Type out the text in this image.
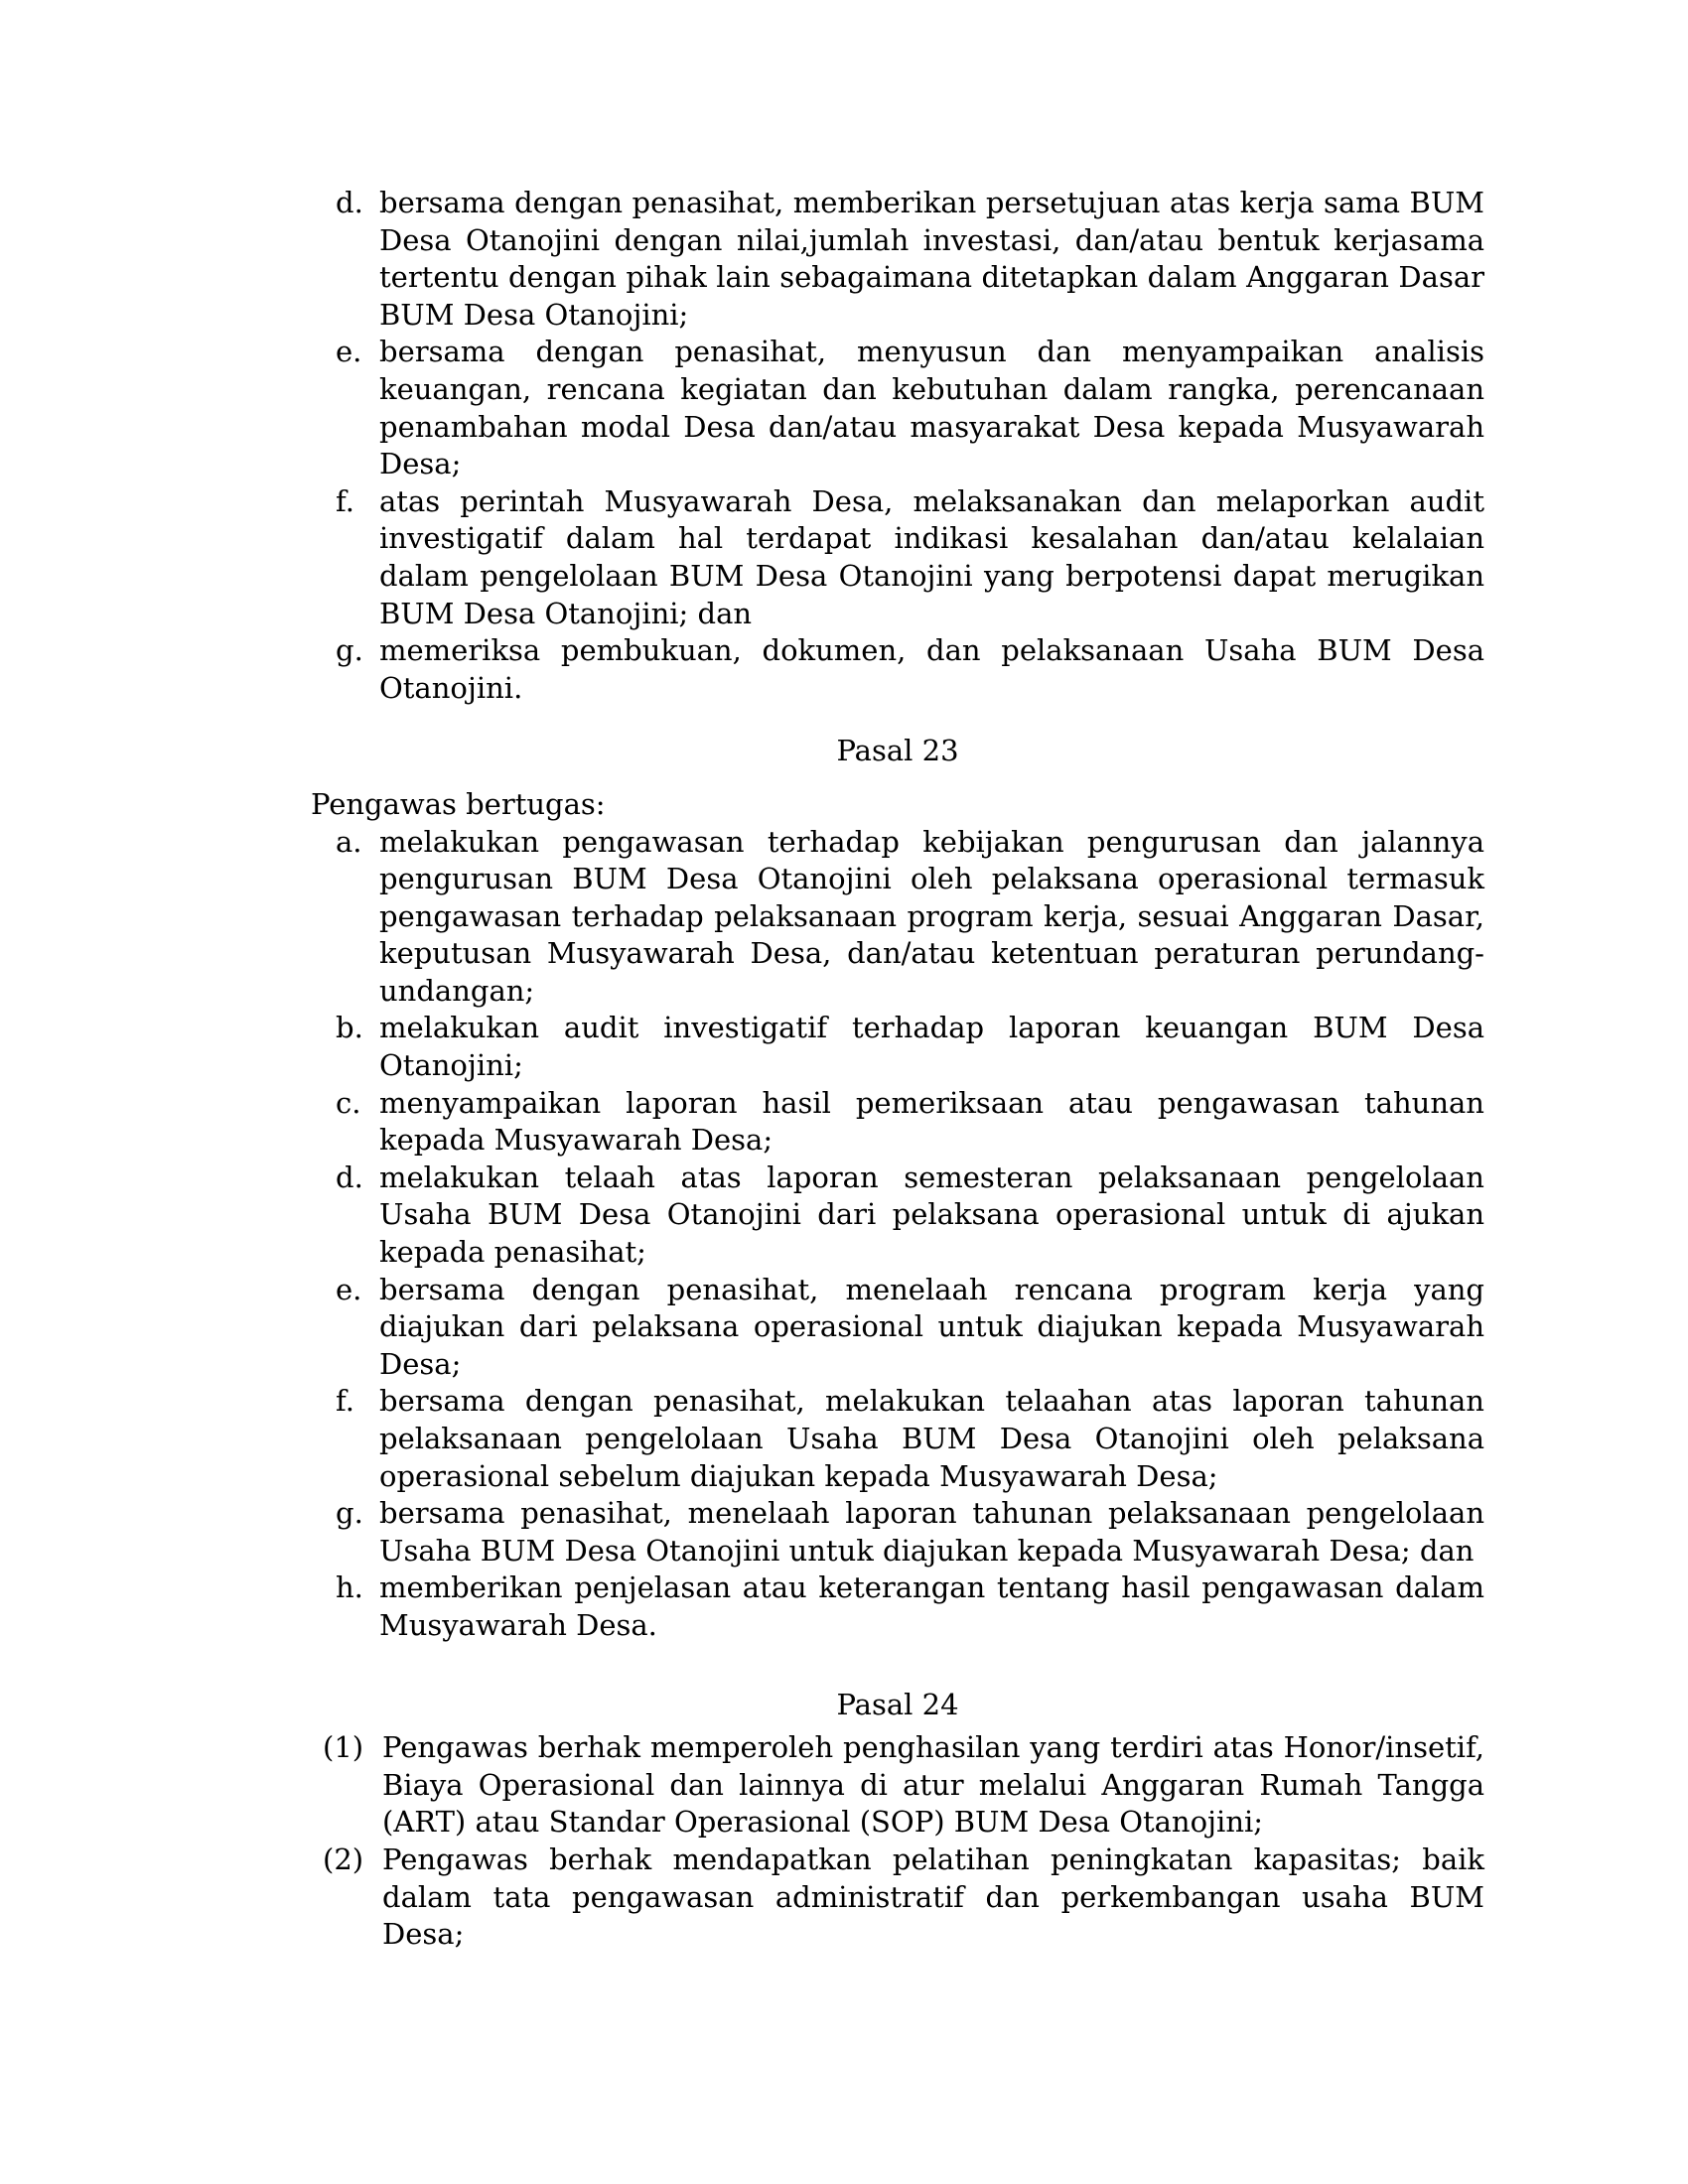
d. bersama dengan penasihat, memberikan persetujuan atas kerja sama BUM Desa Otanojini dengan nilai,jumlah investasi, dan/atau bentuk kerjasama tertentu dengan pihak lain sebagaimana ditetapkan dalam Anggaran Dasar BUM Desa Otanojini;
e. bersama dengan penasihat, menyusun dan menyampaikan analisis keuangan, rencana kegiatan dan kebutuhan dalam rangka, perencanaan penambahan modal Desa dan/atau masyarakat Desa kepada Musyawarah Desa;
f. atas perintah Musyawarah Desa, melaksanakan dan melaporkan audit investigatif dalam hal terdapat indikasi kesalahan dan/atau kelalaian dalam pengelolaan BUM Desa Otanojini yang berpotensi dapat merugikan BUM Desa Otanojini; dan
g. memeriksa pembukuan, dokumen, dan pelaksanaan Usaha BUM Desa Otanojini.
Pasal 23

Pengawas bertugas:

a. melakukan pengawasan terhadap kebijakan pengurusan dan jalannya pengurusan BUM Desa Otanojini oleh pelaksana operasional termasuk pengawasan terhadap pelaksanaan program kerja, sesuai Anggaran Dasar, keputusan Musyawarah Desa, dan/atau ketentuan peraturan perundang-undangan;
b. melakukan audit investigatif terhadap laporan keuangan BUM Desa Otanojini;
c. menyampaikan laporan hasil pemeriksaan atau pengawasan tahunan kepada Musyawarah Desa;
d. melakukan telaah atas laporan semesteran pelaksanaan pengelolaan Usaha BUM Desa Otanojini dari pelaksana operasional untuk di ajukan kepada penasihat;
e. bersama dengan penasihat, menelaah rencana program kerja yang diajukan dari pelaksana operasional untuk diajukan kepada Musyawarah Desa;
f. bersama dengan penasihat, melakukan telaahan atas laporan tahunan pelaksanaan pengelolaan Usaha BUM Desa Otanojini oleh pelaksana operasional sebelum diajukan kepada Musyawarah Desa;
g. bersama penasihat, menelaah laporan tahunan pelaksanaan pengelolaan Usaha BUM Desa Otanojini untuk diajukan kepada Musyawarah Desa; dan
h. memberikan penjelasan atau keterangan tentang hasil pengawasan dalam Musyawarah Desa.
Pasal 24
(1) Pengawas berhak memperoleh penghasilan yang terdiri atas Honor/insetif, Biaya Operasional dan lainnya di atur melalui Anggaran Rumah Tangga (ART) atau Standar Operasional (SOP) BUM Desa Otanojini;
(2) Pengawas berhak mendapatkan pelatihan peningkatan kapasitas; baik dalam tata pengawasan administratif dan perkembangan usaha BUM Desa;
